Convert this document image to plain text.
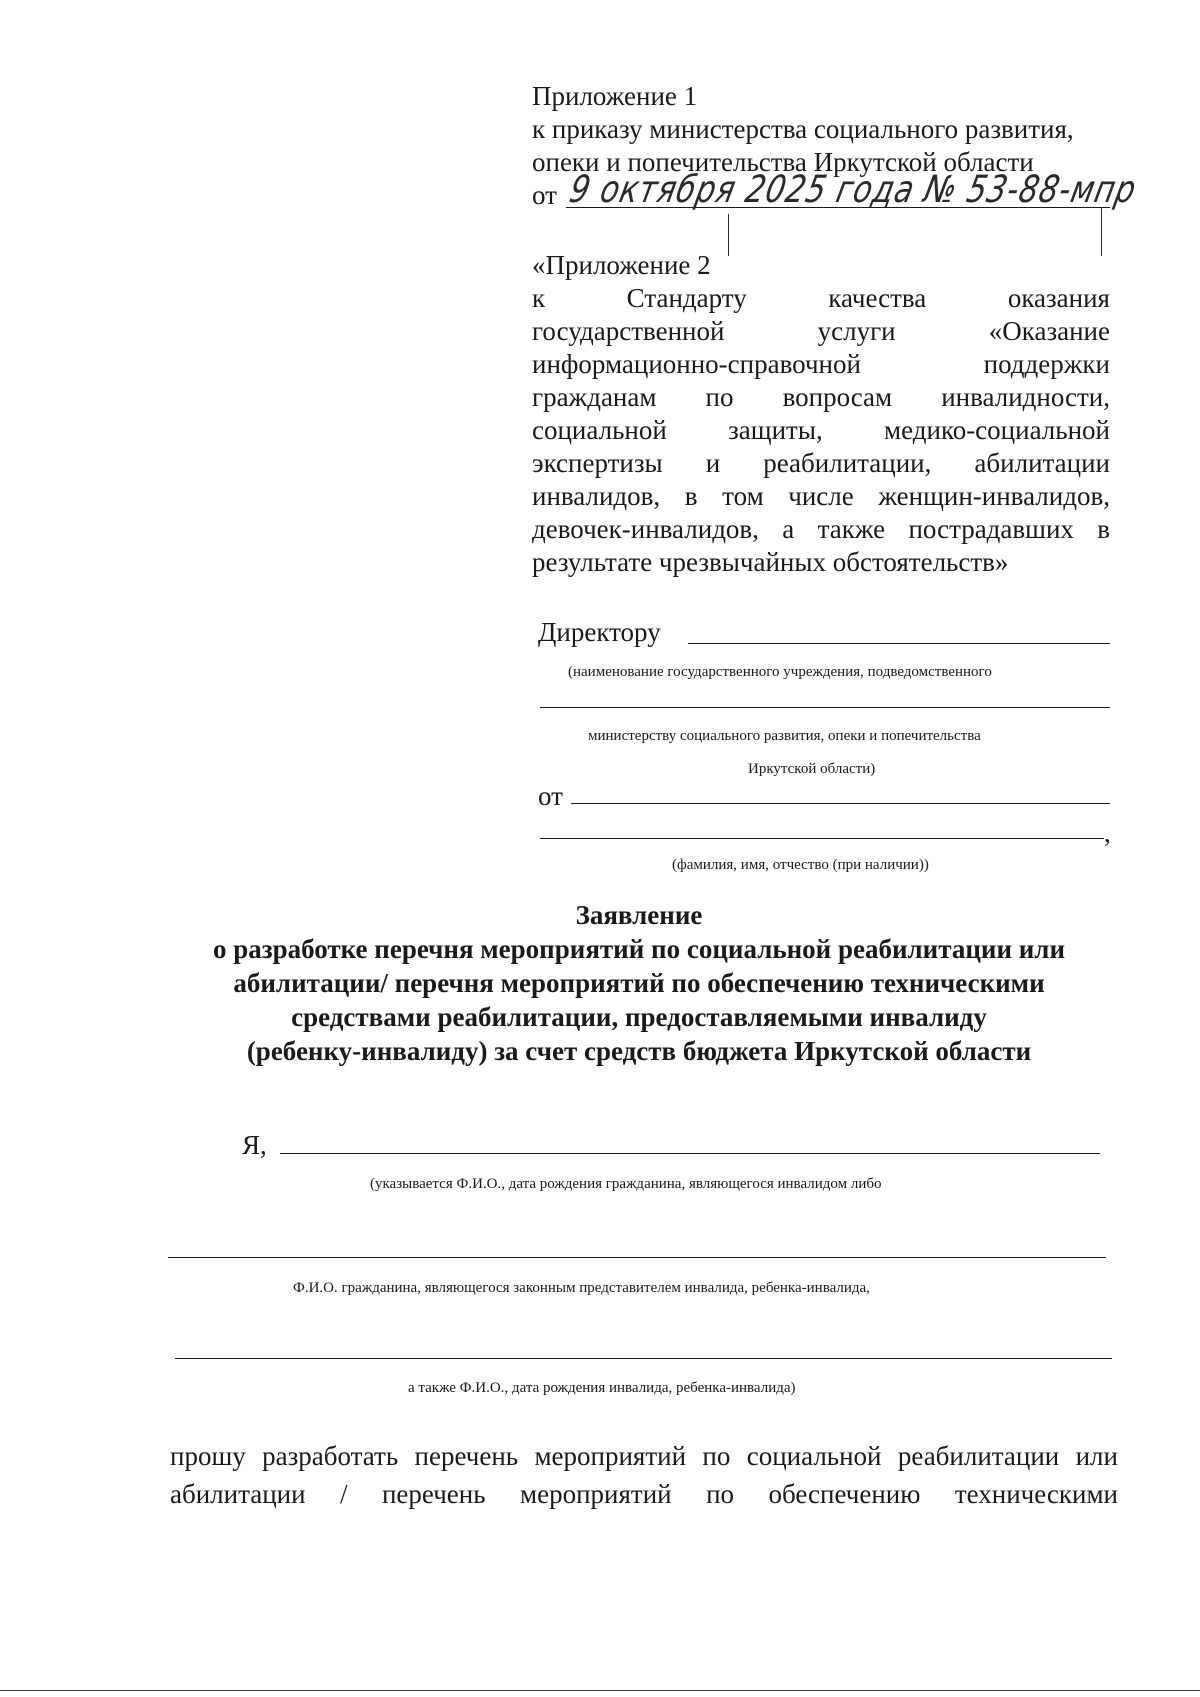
Приложение 1
к приказу министерства социального развития,
опеки и попечительства Иркутской области
от 9 октября 2025 года № 53-88-мпр
«Приложение 2
к	Стандарту	качества	оказания
государственной	услуги	«Оказание
информационно-справочной	поддержки
гражданам по вопросам инвалидности,
социальной защиты, медико-социальной
экспертизы и реабилитации, абилитации
инвалидов, в том числе женщин-инвалидов,
девочек-инвалидов, а также пострадавших в
результате чрезвычайных обстоятельств»
Директору
(наименование государственного учреждения, подведомственного
министерству социального развития, опеки и попечительства
Иркутской области)
от
,
(фамилия, имя, отчество (при наличии))
Заявление
о разработке перечня мероприятий по социальной реабилитации или
абилитации/ перечня мероприятий по обеспечению техническими
средствами реабилитации, предоставляемыми инвалиду
(ребенку-инвалиду) за счет средств бюджета Иркутской области
Я,
(указывается Ф.И.О., дата рождения гражданина, являющегося инвалидом либо
Ф.И.О. гражданина, являющегося законным представителем инвалида, ребенка-инвалида,
а также Ф.И.О., дата рождения инвалида, ребенка-инвалида)
прошу разработать перечень мероприятий по социальной реабилитации или
абилитации / перечень мероприятий по обеспечению техническими
